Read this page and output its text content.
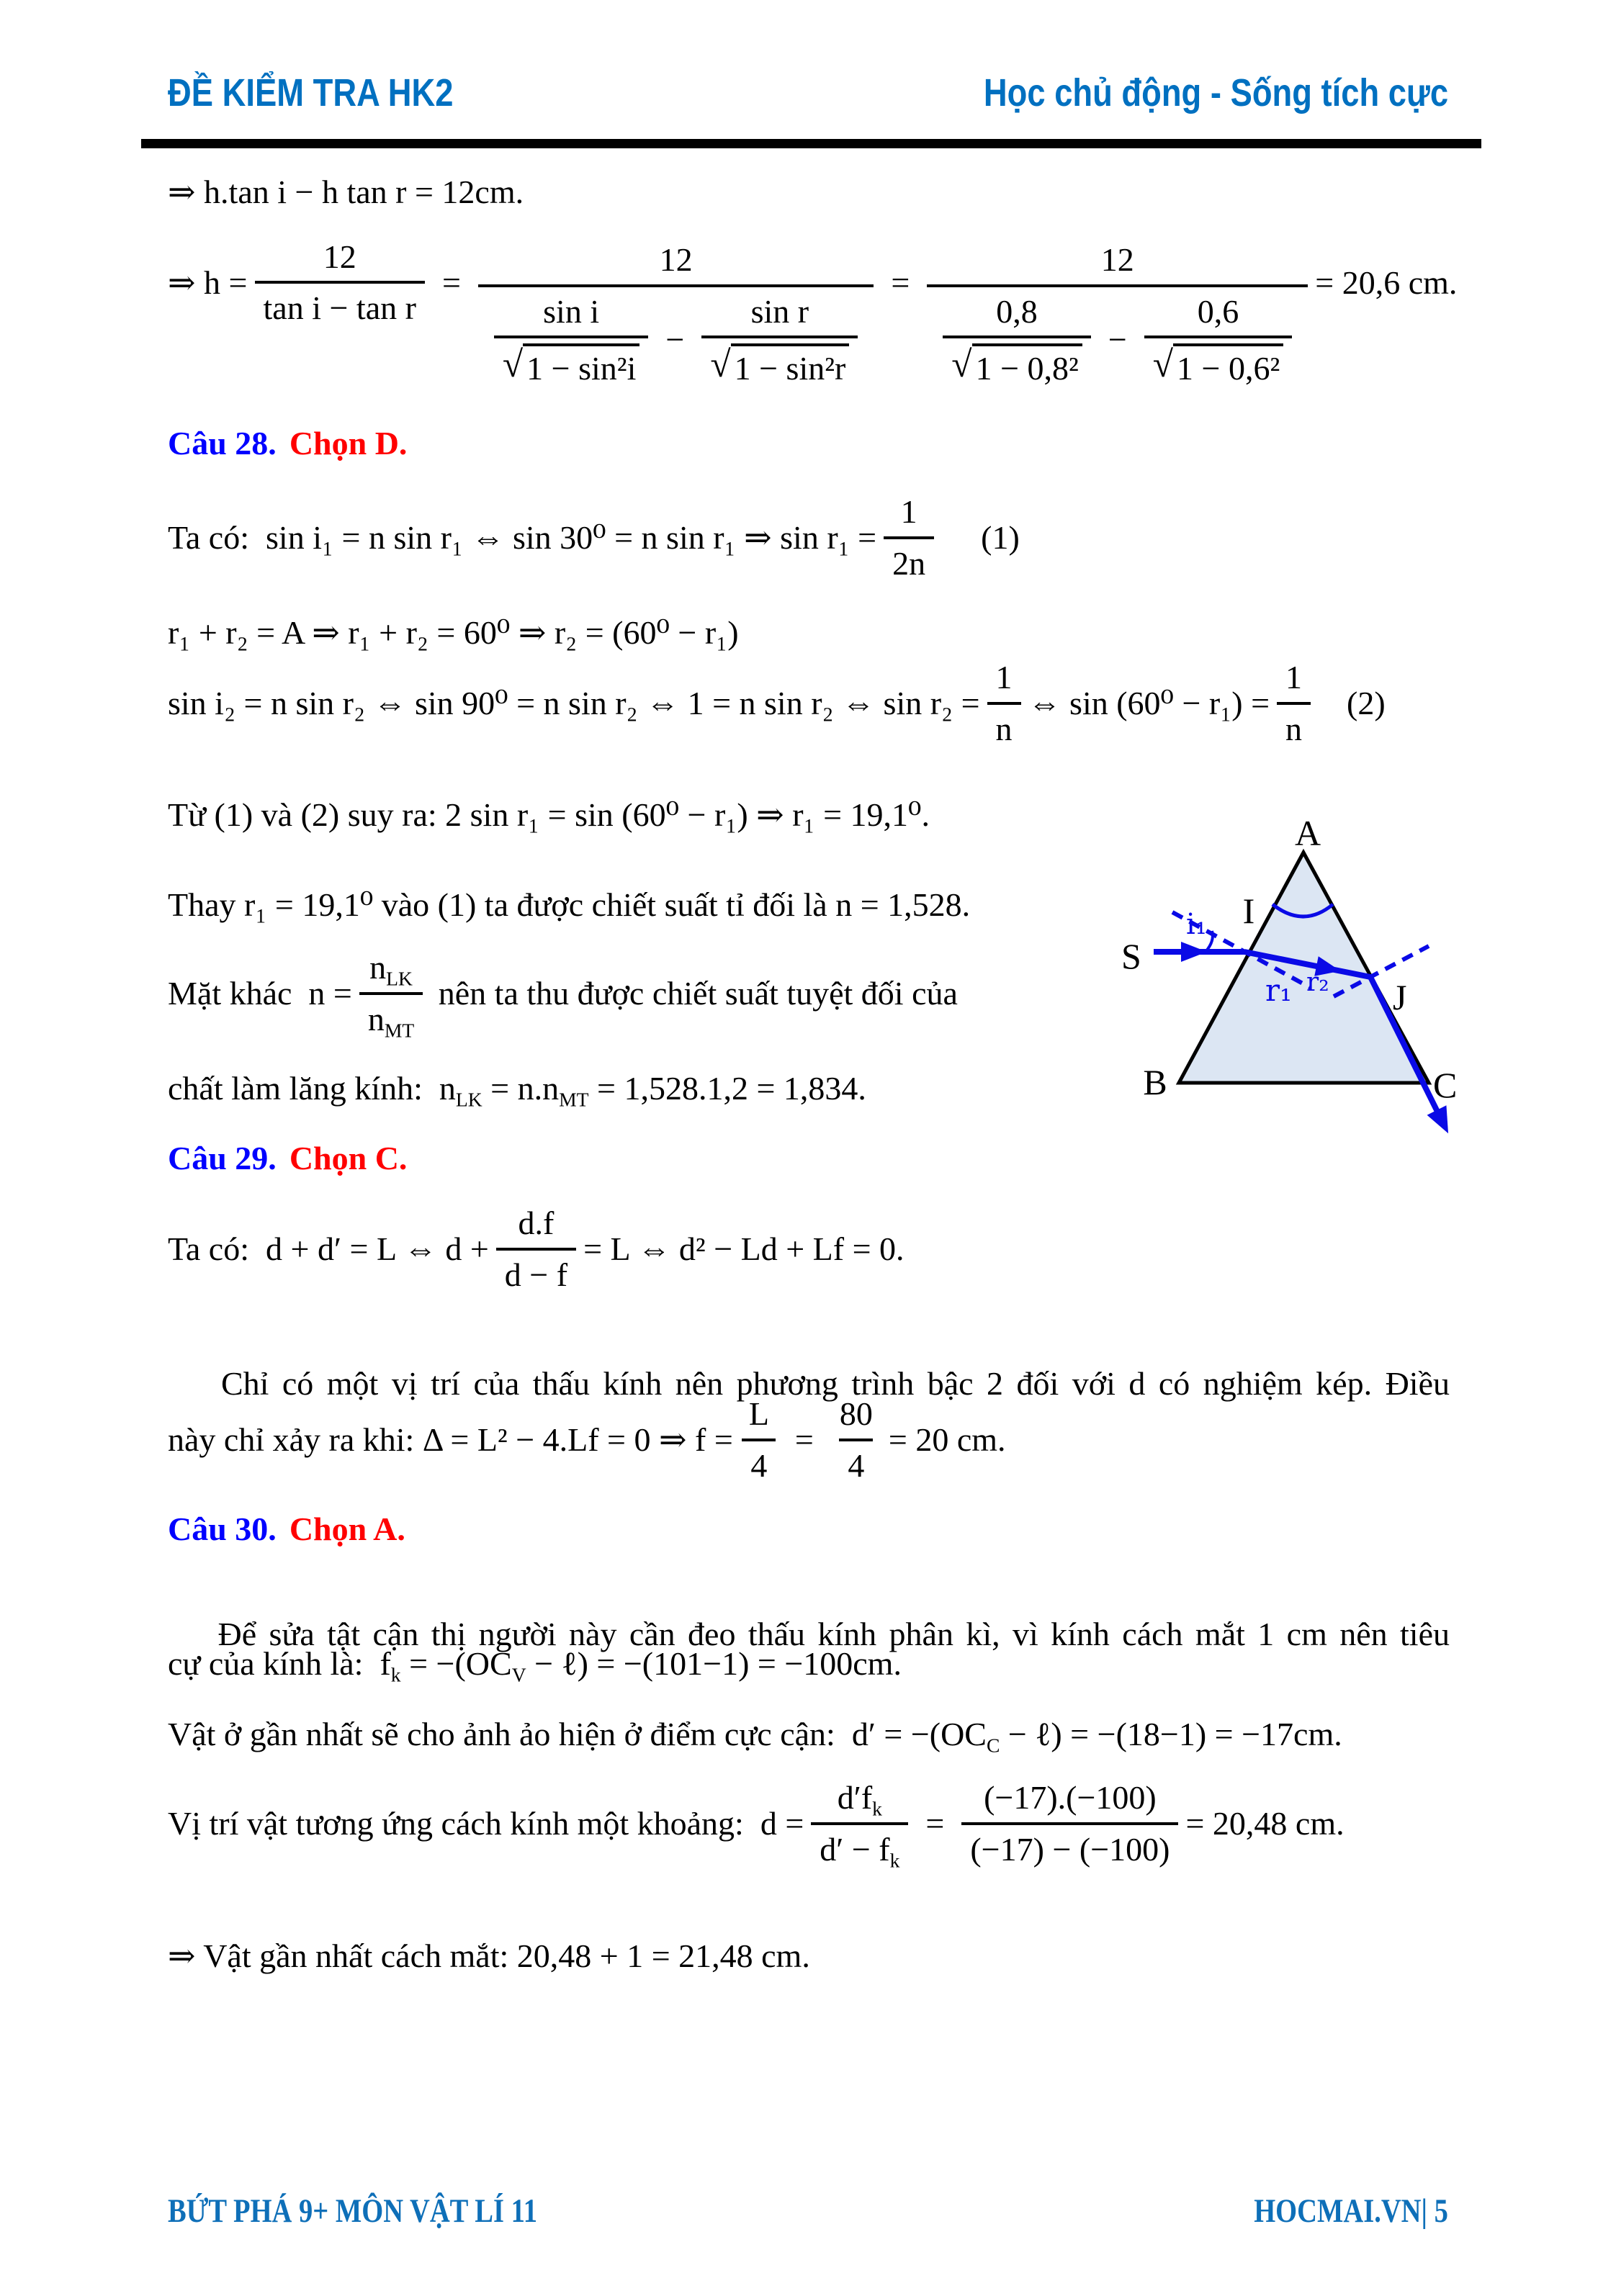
ĐỀ KIỂM TRA HK2	Học chủ động - Sống tích cực
⇒ h.tan i − h tan r = 12cm.
⇒ $h = \frac{12}{\text{tan i − tan r}}$ =
12
$\frac{\text{sin i}}{\text{√ 1 − sin²i}} - \frac{\text{sin r}}{\text{√ 1 − sin²r}}$
=
12
$\frac{0,8}{\text{√ 1 − 0,8²}} - \frac{0,6}{\text{√ 1 − 0,6²}}$
= 20,6 cm.
Câu 28. Chọn D.
Ta có: sin i₁ = n sin r₁ ⇔ sin 30⁰ = n sin r₁ ⇒ $\sin r_1 = \frac{1}{2n} (1)$
r₁ + r₂ = A ⇒ r₁ + r₂ = 60⁰ ⇒ r₂ = (60⁰ − r₁)
sin i₂ = n sin r₂ ⇔ sin 90⁰ = n sin r₂ ⇔ 1 = n sin r₂ ⇔ $\sin r_2 = \frac{1}{n}$ ⇔ $\sin (60^0 - r_1) = \frac{1}{n} (2)$
Từ (1) và (2) suy ra: 2 sin r₁ = sin (60⁰ − r₁) ⇒ r₁ = 19,1⁰.
Thay r₁ = 19,1⁰ vào (1) ta được chiết suất tỉ đối là n = 1,528.
Mặt khác  $n = \frac{n_{LK}}{n_{MT}}$ nên ta thu được chiết suất tuyệt đối của
chất làm lăng kính:  $n_{LK} = n.n_{MT} = 1,528.1,2 = 1,834$.
Câu 29. Chọn C.
Ta có:  d + d′ = L ⇔ $d + \frac{d.f}{d - f} = L$ ⇔ d² − Ld + Lf = 0.

Chỉ có một vị trí của thấu kính nên phương trình bậc 2 đối với d có nghiệm kép. Điều

này chỉ xảy ra khi: Δ = L² − 4.Lf = 0 ⇒ $f = \frac{L}{4} = \frac{80}{4} = 20$ cm.
Câu 30. Chọn A.

Để sửa tật cận thị người này cần đeo thấu kính phân kì, vì kính cách mắt 1 cm nên tiêu

cự của kính là:  $f_k = -(OC_V$ − ℓ) = −(101−1) = −100cm.
Vật ở gần nhất sẽ cho ảnh ảo hiện ở điểm cực cận:  $d' = -(OC_C$ − ℓ) = −(18−1) = −17cm.
Vị trí vật tương ứng cách kính một khoảng:  $d = \frac{d'f_k}{d' - f_k} = \frac{(-17).(-100)}{(-17) - (-100)} = 20,48$ cm.
⇒ Vật gần nhất cách mắt: 20,48 + 1 = 21,48 cm.
A
B	C
S
I
J
i₁
r₁ r₂
BỨT PHÁ 9+ MÔN VẬT LÍ 11	HOCMAI.VN| 5
